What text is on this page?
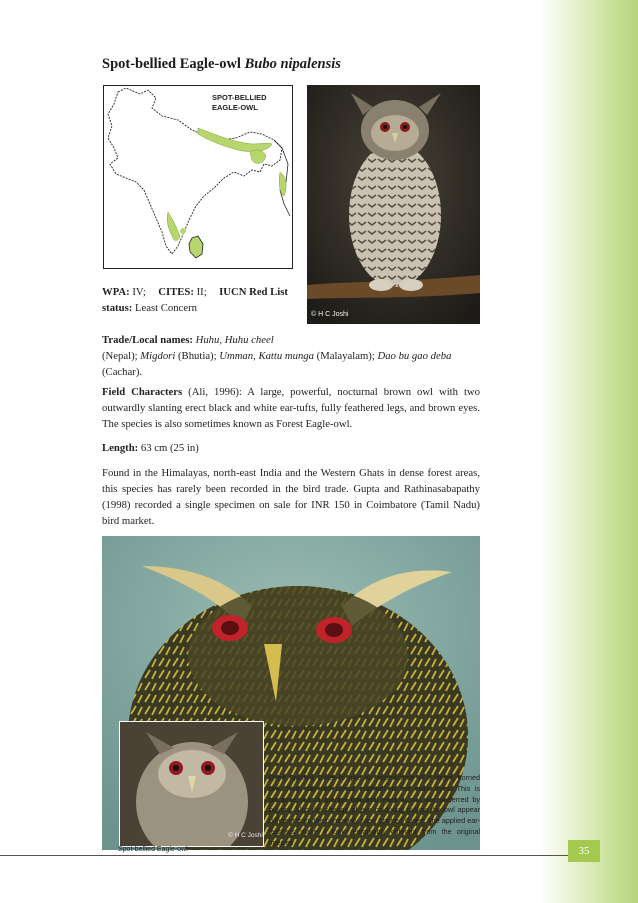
Spot-bellied Eagle-owl Bubo nipalensis
SPOT-BELLIED
EAGLE-OWL
© H C Joshi
WPA: IV; CITES: II; IUCN Red List
status: Least Concern

Trade/Local names: Huhu, Huhu cheel
(Nepal); Migdori (Bhutia); Umman, Kattu munga (Malayalam); Dao bu gao deba
(Cachar).

Field Characters (Ali, 1996): A large, powerful, nocturnal brown owl with two outwardly slanting erect black and white ear-tufts, fully feathered legs, and brown eyes. The species is also sometimes known as Forest Eagle-owl.

Length: 63 cm (25 in)

Found in the Himalayas, north-east India and the Western Ghats in dense forest areas, this species has rarely been recorded in the bird trade. Gupta and Rathinasabapathy (1998) recorded a single specimen on sale for INR 150 in Coimbatore (Tamil Nadu) bird market.

© H C Joshi
Spot-bellied Eagle-owl

Dyed Spotted Owlet to give an appearance of a larger, horned owl. Note the red colour inserted in the owl's eyes. This is because red or orange coloured eyes in owl are preferred by buyers. Also the change of eye colouring makes the owl appear different from the commonly seen Spotted Owlet. The applied ear-feathers make it look remarkably different from the original species

35
